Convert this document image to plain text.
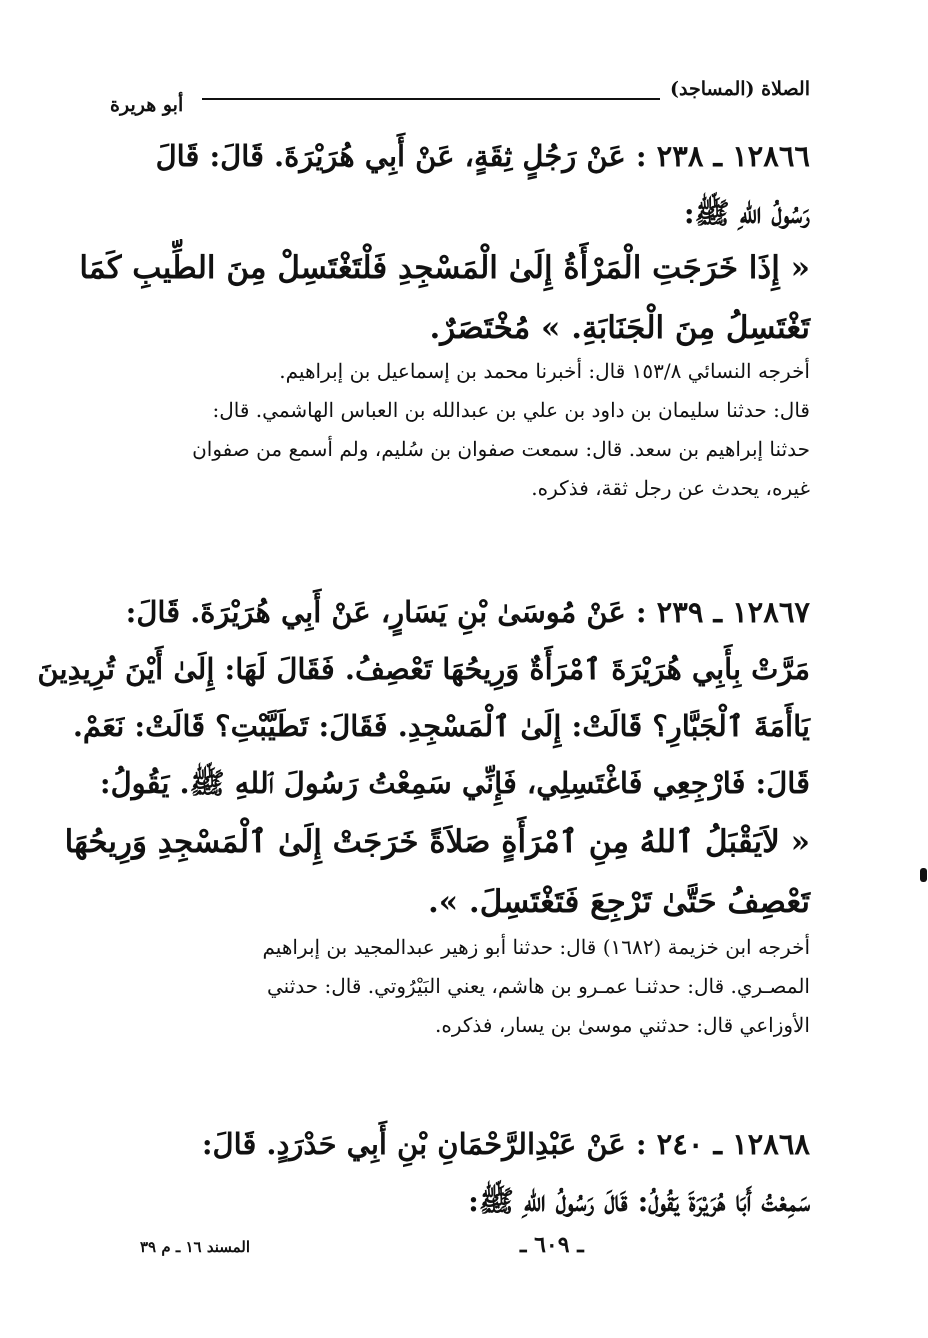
الصلاة (المساجد)
أبو هريرة
١٢٨٦٦ ـ ٢٣٨ : عَنْ رَجُلٍ ثِقَةٍ، عَنْ أَبِي هُرَيْرَةَ. قَالَ: قَالَ
رَسُولُ اللهِ ﷺ:
« إِذَا خَرَجَتِ الْمَرْأَةُ إِلَىٰ الْمَسْجِدِ فَلْتَغْتَسِلْ مِنَ الطِّيبِ كَمَا
تَغْتَسِلُ مِنَ الْجَنَابَةِ. » مُخْتَصَرٌ.
أخرجه النسائي ١٥٣/٨ قال: أخبرنا محمد بن إسماعيل بن إبراهيم.
قال: حدثنا سليمان بن داود بن علي بن عبدالله بن العباس الهاشمي. قال:
حدثنا إبراهيم بن سعد. قال: سمعت صفوان بن سُليم، ولم أسمع من صفوان
غيره، يحدث عن رجل ثقة، فذكره.
١٢٨٦٧ ـ ٢٣٩ : عَنْ مُوسَىٰ بْنِ يَسَارٍ، عَنْ أَبِي هُرَيْرَةَ. قَالَ:
مَرَّتْ بِأَبِي هُرَيْرَةَ ٱمْرَأَةٌ وَرِيحُهَا تَعْصِفُ. فَقَالَ لَهَا: إِلَىٰ أَيْنَ تُرِيدِينَ
يَاأَمَةَ ٱلْجَبَّارِ؟ قَالَتْ: إِلَىٰ ٱلْمَسْجِدِ. فَقَالَ: تَطَيَّبْتِ؟ قَالَتْ: نَعَمْ.
قَالَ: فَارْجِعِي فَاغْتَسِلِي، فَإِنِّي سَمِعْتُ رَسُولَ ٱللهِ ﷺ. يَقُولُ:
« لاَيَقْبَلُ ٱللهُ مِنِ ٱمْرَأَةٍ صَلاَةً خَرَجَتْ إِلَىٰ ٱلْمَسْجِدِ وَرِيحُهَا
تَعْصِفُ حَتَّىٰ تَرْجِعَ فَتَغْتَسِلَ. ».
أخرجه ابن خزيمة (١٦٨٢) قال: حدثنا أبو زهير عبدالمجيد بن إبراهيم
المصـري. قال: حدثنـا عمـرو بن هاشم، يعني البَيْرُوتي. قال: حدثني
الأوزاعي قال: حدثني موسىٰ بن يسار، فذكره.
١٢٨٦٨ ـ ٢٤٠ : عَنْ عَبْدِالرَّحْمَانِ بْنِ أَبِي حَدْرَدٍ. قَالَ:
سَمِعْتُ أَبَا هُرَيْرَةَ يَقُولُ: قَالَ رَسُولُ اللهِ ﷺ:
ـ ٦٠٩ ـ
المسند ١٦ ـ م ٣٩
